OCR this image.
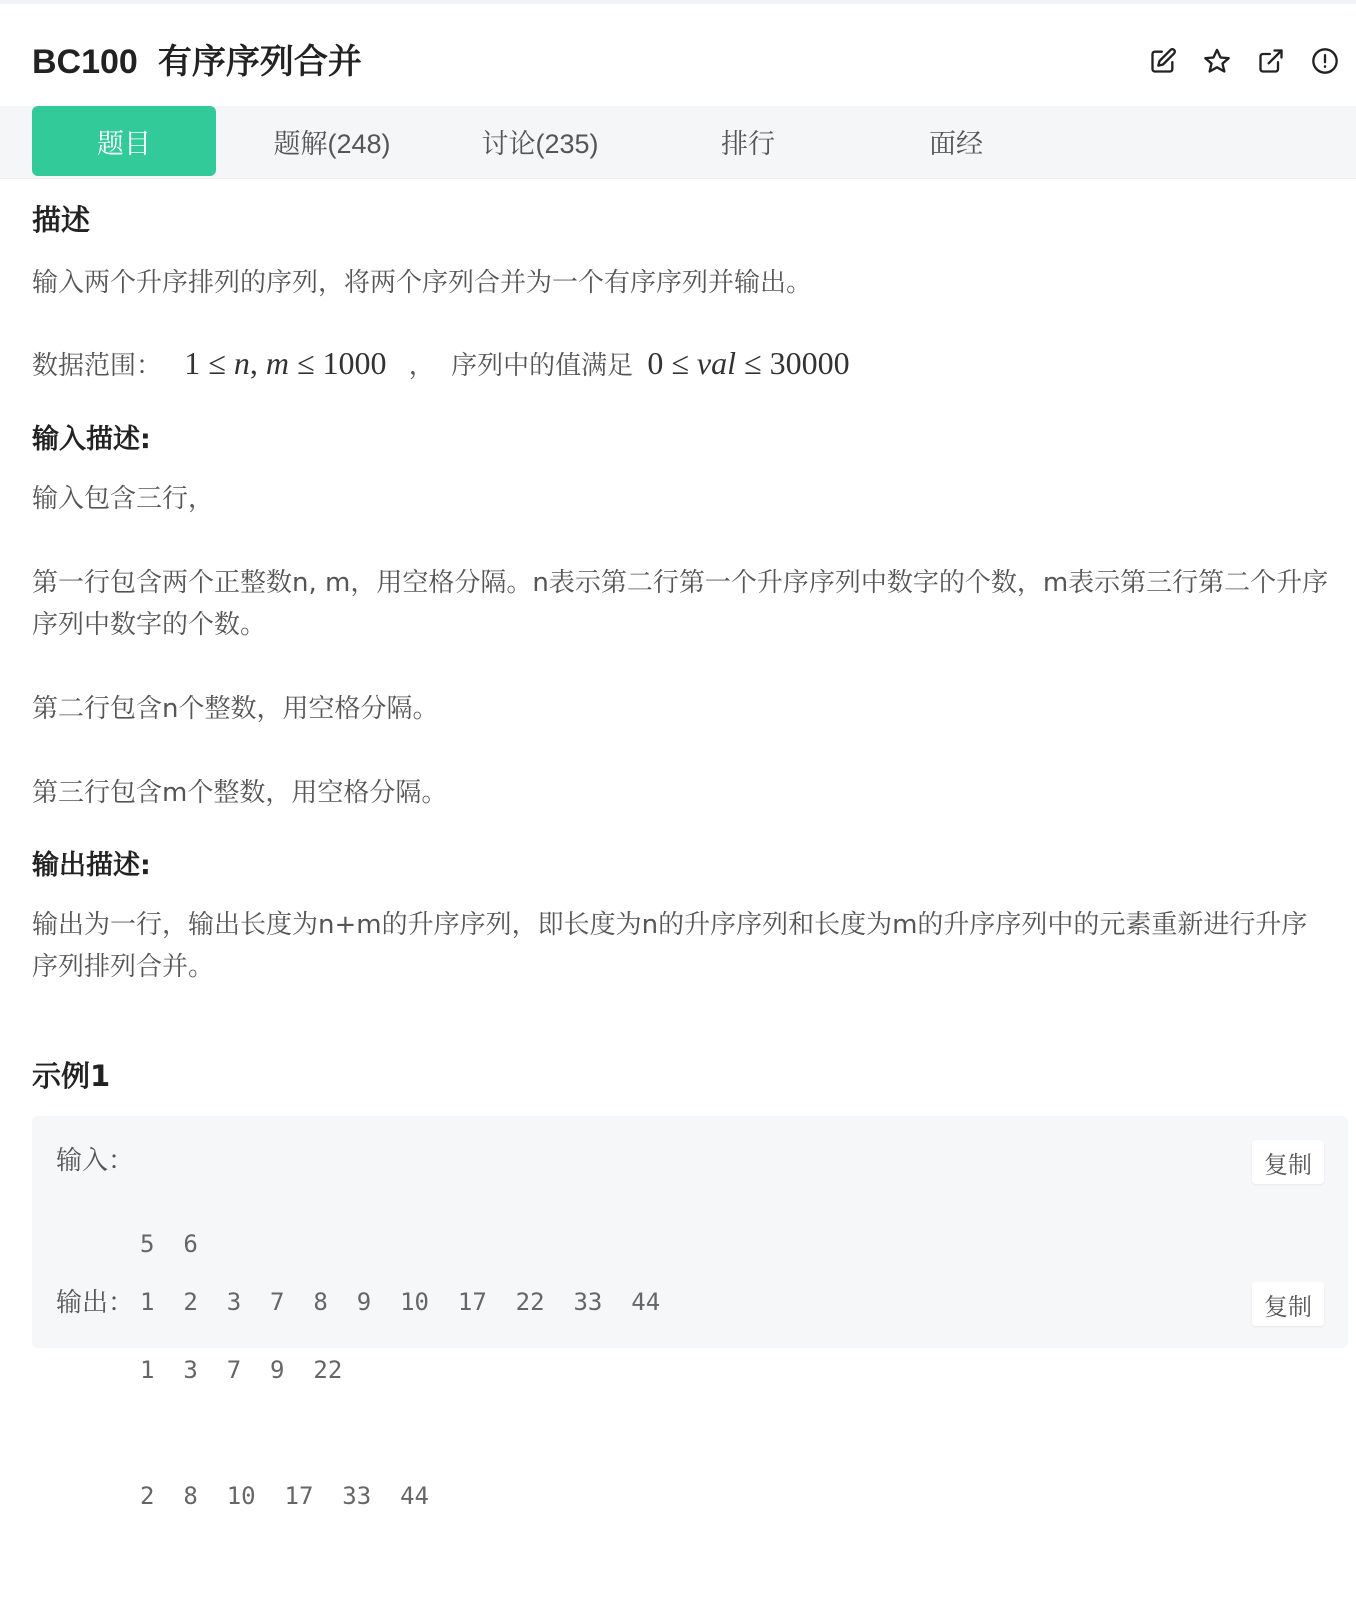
BC100 有序序列合并
题目	题解(248)	讨论(235)	排行	面经
描述
输入两个升序排列的序列，将两个序列合并为一个有序序列并输出。
数据范围： 1 ≤ n, m ≤ 1000 ， 序列中的值满足 0 ≤ val ≤ 30000
输入描述:
输入包含三行，
第一行包含两个正整数n, m，用空格分隔。n表示第二行第一个升序序列中数字的个数，m表示第三行第二个升序序列中数字的个数。
第二行包含n个整数，用空格分隔。
第三行包含m个整数，用空格分隔。
输出描述:
输出为一行，输出长度为n+m的升序序列，即长度为n的升序序列和长度为m的升序序列中的元素重新进行升序序列排列合并。
示例1
输入：

5  6

1  3  7  9  22

2  8  10  17  33  44

复制
输出： 1  2  3  7  8  9  10  17  22  33  44	复制
